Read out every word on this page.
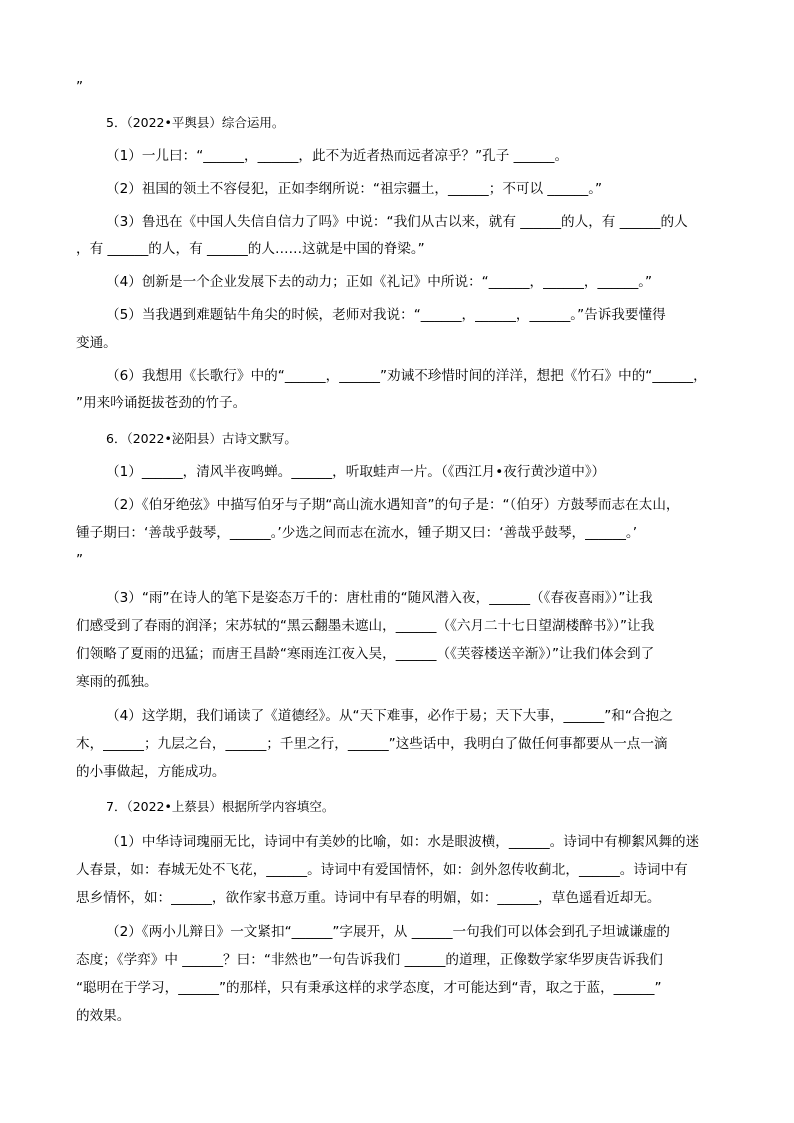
”
5．（2022•平舆县）综合运用。
（1）一儿曰：“______，______，此不为近者热而远者凉乎？”孔子 ______。
（2）祖国的领土不容侵犯，正如李纲所说：“祖宗疆土，______；不可以 ______。”
（3）鲁迅在《中国人失信自信力了吗》中说：“我们从古以来，就有 ______的人，有 ______的人
，有 ______的人，有 ______的人……这就是中国的脊梁。”
（4）创新是一个企业发展下去的动力；正如《礼记》中所说：“______，______，______。”
（5）当我遇到难题钻牛角尖的时候，老师对我说：“______，______，______。”告诉我要懂得
变通。
（6）我想用《长歌行》中的“______，______”劝诫不珍惜时间的洋洋，想把《竹石》中的“______，
”用来吟诵挺拔苍劲的竹子。
6．（2022•泌阳县）古诗文默写。
（1）______，清风半夜鸣蝉。______，听取蛙声一片。（《西江月•夜行黄沙道中》）
（2）《伯牙绝弦》中描写伯牙与子期“高山流水遇知音”的句子是：“（伯牙）方鼓琴而志在太山，
锺子期曰：‘善哉乎鼓琴，______。’少选之间而志在流水，锺子期又曰：‘善哉乎鼓琴，______。’
”
（3）“雨”在诗人的笔下是姿态万千的：唐杜甫的“随风潜入夜，______（《春夜喜雨》）”让我
们感受到了春雨的润泽；宋苏轼的“黑云翻墨未遮山，______（《六月二十七日望湖楼醉书》）”让我
们领略了夏雨的迅猛；而唐王昌龄“寒雨连江夜入吴，______（《芙蓉楼送辛渐》）”让我们体会到了
寒雨的孤独。
（4）这学期，我们诵读了《道德经》。从“天下难事，必作于易；天下大事，______”和“合抱之
木，______；九层之台，______；千里之行，______”这些话中，我明白了做任何事都要从一点一滴
的小事做起，方能成功。
7．（2022•上蔡县）根据所学内容填空。
（1）中华诗词瑰丽无比，诗词中有美妙的比喻，如：水是眼波横，______。诗词中有柳絮风舞的迷
人春景，如：春城无处不飞花，______。诗词中有爱国情怀，如：剑外忽传收蓟北，______。诗词中有
思乡情怀，如：______，欲作家书意万重。诗词中有早春的明媚，如：______，草色遥看近却无。
（2）《两小儿辩日》一文紧扣“______”字展开，从 ______一句我们可以体会到孔子坦诚谦虚的
态度；《学弈》中 ______？曰：“非然也”一句告诉我们 ______的道理，正像数学家华罗庚告诉我们
“聪明在于学习，______”的那样，只有秉承这样的求学态度，才可能达到“青，取之于蓝，______”
的效果。
